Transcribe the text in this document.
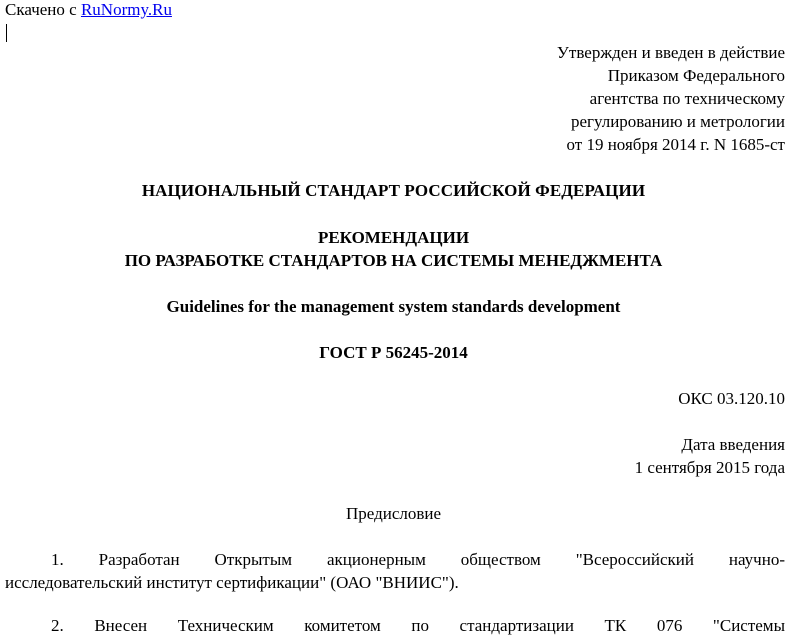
Скачено с RuNormy.Ru
Утвержден и введен в действие
Приказом Федерального
агентства по техническому
регулированию и метрологии
от 19 ноября 2014 г. N 1685-ст
НАЦИОНАЛЬНЫЙ СТАНДАРТ РОССИЙСКОЙ ФЕДЕРАЦИИ
РЕКОМЕНДАЦИИ
ПО РАЗРАБОТКЕ СТАНДАРТОВ НА СИСТЕМЫ МЕНЕДЖМЕНТА
Guidelines for the management system standards development
ГОСТ Р 56245-2014
ОКС 03.120.10
Дата введения
1 сентября 2015 года
Предисловие
1. Разработан Открытым акционерным обществом "Всероссийский научно-
исследовательский институт сертификации" (ОАО "ВНИИС").
2. Внесен Техническим комитетом по стандартизации ТК 076 "Системы
